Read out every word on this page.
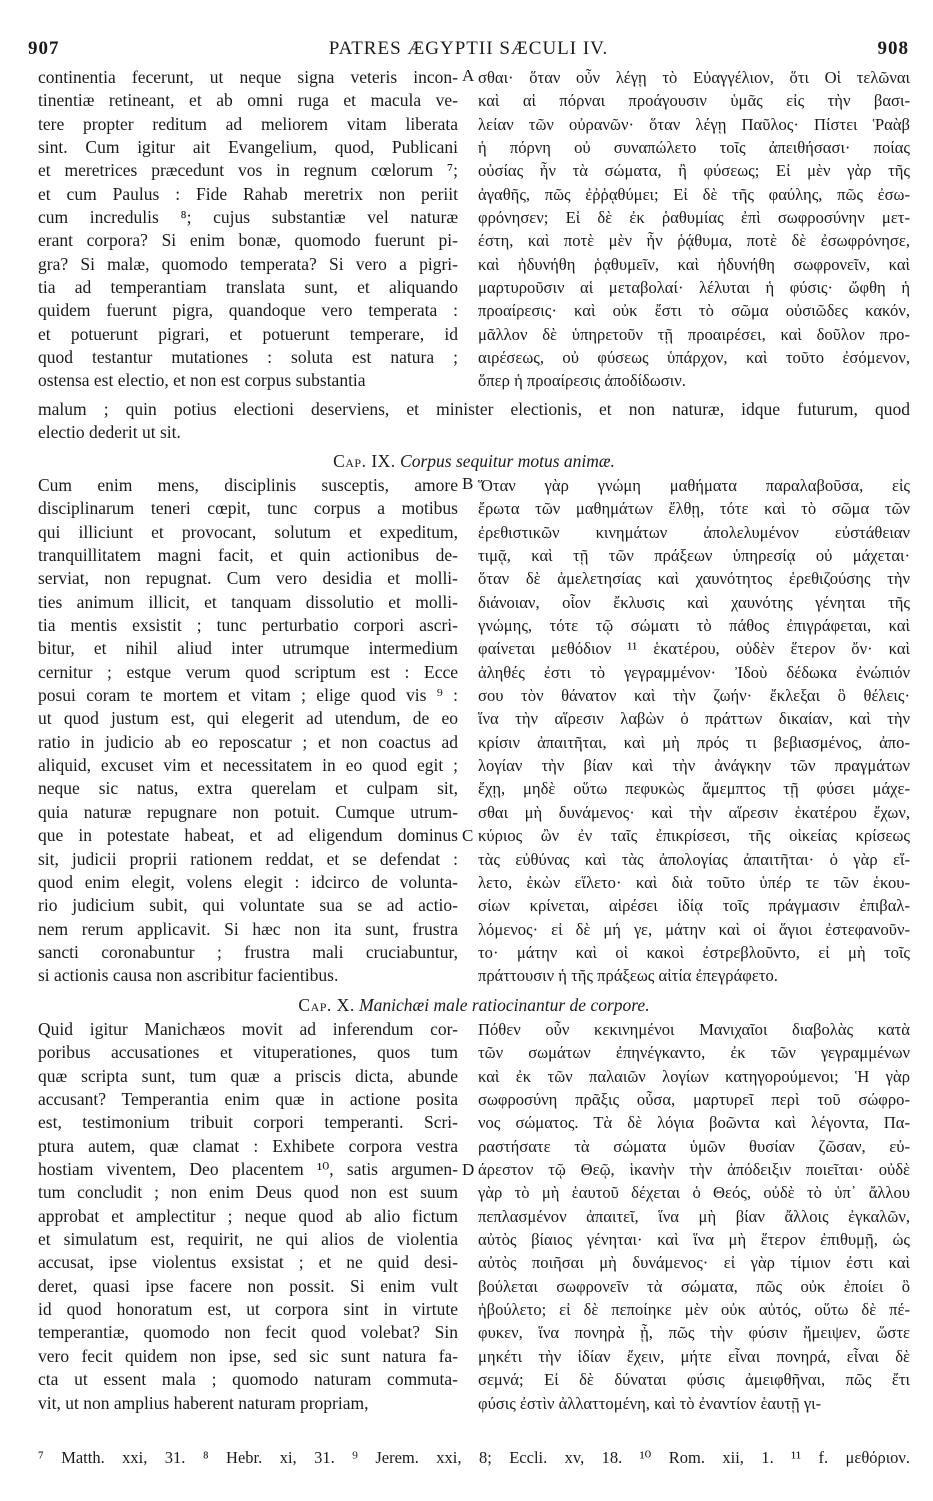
907	PATRES ÆGYPTII SÆCULI IV.	908
continentia fecerunt, ut neque signa veteris incon-
tinentiæ retineant, et ab omni ruga et macula ve-
tere propter reditum ad meliorem vitam liberata
sint. Cum igitur ait Evangelium, quod, Publicani
et meretrices præcedunt vos in regnum cœlorum ⁷;
et cum Paulus : Fide Rahab meretrix non periit
cum incredulis ⁸; cujus substantiæ vel naturæ
erant corpora? Si enim bonæ, quomodo fuerunt pi-
gra? Si malæ, quomodo temperata? Si vero a pigri-
tia ad temperantiam translata sunt, et aliquando
quidem fuerunt pigra, quandoque vero temperata :
et potuerunt pigrari, et potuerunt temperare, id
quod testantur mutationes : soluta est natura ;
ostensa est electio, et non est corpus substantia
σθαι· ὅταν οὖν λέγῃ τὸ Εὐαγγέλιον, ὅτι Οἱ τελῶναι
καὶ αἱ πόρναι προάγουσιν ὑμᾶς εἰς τὴν βασι-
λείαν τῶν οὐρανῶν· ὅταν λέγῃ Παῦλος· Πίστει Ῥαὰβ
ἡ πόρνη οὐ συναπώλετο τοῖς ἀπειθήσασι· ποίας
οὐσίας ἦν τὰ σώματα, ἢ φύσεως; Εἰ μὲν γὰρ τῆς
ἀγαθῆς, πῶς ἐῤῥᾳθύμει; Εἰ δὲ τῆς φαύλης, πῶς ἐσω-
φρόνησεν; Εἰ δὲ ἐκ ῥαθυμίας ἐπὶ σωφροσύνην μετ-
έστη, καὶ ποτὲ μὲν ἦν ῥᾴθυμα, ποτὲ δὲ ἐσωφρόνησε,
καὶ ἠδυνήθη ῥᾳθυμεῖν, καὶ ἠδυνήθη σωφρονεῖν, καὶ
μαρτυροῦσιν αἱ μεταβολαί· λέλυται ἡ φύσις· ὤφθη ἡ
προαίρεσις· καὶ οὐκ ἔστι τὸ σῶμα οὐσιῶδες κακόν,
μᾶλλον δὲ ὑπηρετοῦν τῇ προαιρέσει, καὶ δοῦλον προ-
αιρέσεως, οὐ φύσεως ὑπάρχον, καὶ τοῦτο ἐσόμενον,
ὅπερ ἡ προαίρεσις ἀποδίδωσιν.
A
malum ; quin potius electioni deserviens, et minister electionis, et non naturæ, idque futurum, quod
electio dederit ut sit.
Cap. IX. Corpus sequitur motus animæ.
Cum enim mens, disciplinis susceptis, amore
disciplinarum teneri cœpit, tunc corpus a motibus
qui illiciunt et provocant, solutum et expeditum,
tranquillitatem magni facit, et quin actionibus de-
serviat, non repugnat. Cum vero desidia et molli-
ties animum illicit, et tanquam dissolutio et molli-
tia mentis exsistit ; tunc perturbatio corpori ascri-
bitur, et nihil aliud inter utrumque intermedium
cernitur ; estque verum quod scriptum est : Ecce
posui coram te mortem et vitam ; elige quod vis ⁹ :
ut quod justum est, qui elegerit ad utendum, de eo
ratio in judicio ab eo reposcatur ; et non coactus ad
aliquid, excuset vim et necessitatem in eo quod egit ;
neque sic natus, extra querelam et culpam sit,
quia naturæ repugnare non potuit. Cumque utrum-
que in potestate habeat, et ad eligendum dominus
sit, judicii proprii rationem reddat, et se defendat :
quod enim elegit, volens elegit : idcirco de volunta-
rio judicium subit, qui voluntate sua se ad actio-
nem rerum applicavit. Si hæc non ita sunt, frustra
sancti coronabuntur ; frustra mali cruciabuntur,
si actionis causa non ascribitur facientibus.
Ὅταν γὰρ γνώμη μαθήματα παραλαβοῦσα, εἰς
ἔρωτα τῶν μαθημάτων ἔλθῃ, τότε καὶ τὸ σῶμα τῶν
ἐρεθιστικῶν κινημάτων ἀπολελυμένον εὐστάθειαν
τιμᾷ, καὶ τῇ τῶν πράξεων ὑπηρεσίᾳ οὐ μάχεται·
ὅταν δὲ ἀμελετησίας καὶ χαυνότητος ἐρεθιζούσης τὴν
διάνοιαν, οἷον ἔκλυσις καὶ χαυνότης γένηται τῆς
γνώμης, τότε τῷ σώματι τὸ πάθος ἐπιγράφεται, καὶ
φαίνεται μεθόδιον ¹¹ ἑκατέρου, οὐδὲν ἕτερον ὄν· καὶ
ἀληθές ἐστι τὸ γεγραμμένον· Ἰδοὺ δέδωκα ἐνώπιόν
σου τὸν θάνατον καὶ τὴν ζωήν· ἔκλεξαι ὃ θέλεις·
ἵνα τὴν αἵρεσιν λαβὼν ὁ πράττων δικαίαν, καὶ τὴν
κρίσιν ἀπαιτῆται, καὶ μὴ πρός τι βεβιασμένος, ἀπο-
λογίαν τὴν βίαν καὶ τὴν ἀνάγκην τῶν πραγμάτων
ἔχῃ, μηδὲ οὕτω πεφυκὼς ἄμεμπτος τῇ φύσει μάχε-
σθαι μὴ δυνάμενος· καὶ τὴν αἵρεσιν ἑκατέρου ἔχων,
κύριος ὢν ἐν ταῖς ἐπικρίσεσι, τῆς οἰκείας κρίσεως
τὰς εὐθύνας καὶ τὰς ἀπολογίας ἀπαιτῆται· ὁ γὰρ εἵ-
λετο, ἑκὼν εἵλετο· καὶ διὰ τοῦτο ὑπέρ τε τῶν ἑκου-
σίων κρίνεται, αἱρέσει ἰδίᾳ τοῖς πράγμασιν ἐπιβαλ-
λόμενος· εἰ δὲ μή γε, μάτην καὶ οἱ ἅγιοι ἐστεφανοῦν-
το· μάτην καὶ οἱ κακοὶ ἐστρεβλοῦντο, εἰ μὴ τοῖς
πράττουσιν ἡ τῆς πράξεως αἰτία ἐπεγράφετο.
B
C
Cap. X. Manichæi male ratiocinantur de corpore.
Quid igitur Manichæos movit ad inferendum cor-
poribus accusationes et vituperationes, quos tum
quæ scripta sunt, tum quæ a priscis dicta, abunde
accusant? Temperantia enim quæ in actione posita
est, testimonium tribuit corpori temperanti. Scri-
ptura autem, quæ clamat : Exhibete corpora vestra
hostiam viventem, Deo placentem ¹⁰, satis argumen-
tum concludit ; non enim Deus quod non est suum
approbat et amplectitur ; neque quod ab alio fictum
et simulatum est, requirit, ne qui alios de violentia
accusat, ipse violentus exsistat ; et ne quid desi-
deret, quasi ipse facere non possit. Si enim vult
id quod honoratum est, ut corpora sint in virtute
temperantiæ, quomodo non fecit quod volebat? Sin
vero fecit quidem non ipse, sed sic sunt natura fa-
cta ut essent mala ; quomodo naturam commuta-
vit, ut non amplius haberent naturam propriam,
Πόθεν οὖν κεκινημένοι Μανιχαῖοι διαβολὰς κατὰ
τῶν σωμάτων ἐπηνέγκαντο, ἐκ τῶν γεγραμμένων
καὶ ἐκ τῶν παλαιῶν λογίων κατηγορούμενοι; Ἡ γὰρ
σωφροσύνη πρᾶξις οὖσα, μαρτυρεῖ περὶ τοῦ σώφρο-
νος σώματος. Τὰ δὲ λόγια βοῶντα καὶ λέγοντα, Πα-
ραστήσατε τὰ σώματα ὑμῶν θυσίαν ζῶσαν, εὐ-
άρεστον τῷ Θεῷ, ἱκανὴν τὴν ἀπόδειξιν ποιεῖται· οὐδὲ
γὰρ τὸ μὴ ἑαυτοῦ δέχεται ὁ Θεός, οὐδὲ τὸ ὑπ᾿ ἄλλου
πεπλασμένον ἀπαιτεῖ, ἵνα μὴ βίαν ἄλλοις ἐγκαλῶν,
αὐτὸς βίαιος γένηται· καὶ ἵνα μὴ ἕτερον ἐπιθυμῇ, ὡς
αὐτὸς ποιῆσαι μὴ δυνάμενος· εἰ γὰρ τίμιον ἐστι καὶ
βούλεται σωφρονεῖν τὰ σώματα, πῶς οὐκ ἐποίει ὃ
ἠβούλετο; εἰ δὲ πεποίηκε μὲν οὐκ αὐτός, οὕτω δὲ πέ-
φυκεν, ἵνα πονηρὰ ᾖ, πῶς τὴν φύσιν ἤμειψεν, ὥστε
μηκέτι τὴν ἰδίαν ἔχειν, μήτε εἶναι πονηρά, εἶναι δὲ
σεμνά; Εἰ δὲ δύναται φύσις ἀμειφθῆναι, πῶς ἔτι
φύσις ἐστὶν ἀλλαττομένη, καὶ τὸ ἐναντίον ἑαυτῇ γι-
D
⁷ Matth. xxi, 31. ⁸ Hebr. xi, 31. ⁹ Jerem. xxi, 8; Eccli. xv, 18. ¹⁰ Rom. xii, 1. ¹¹ f. μεθόριον.
